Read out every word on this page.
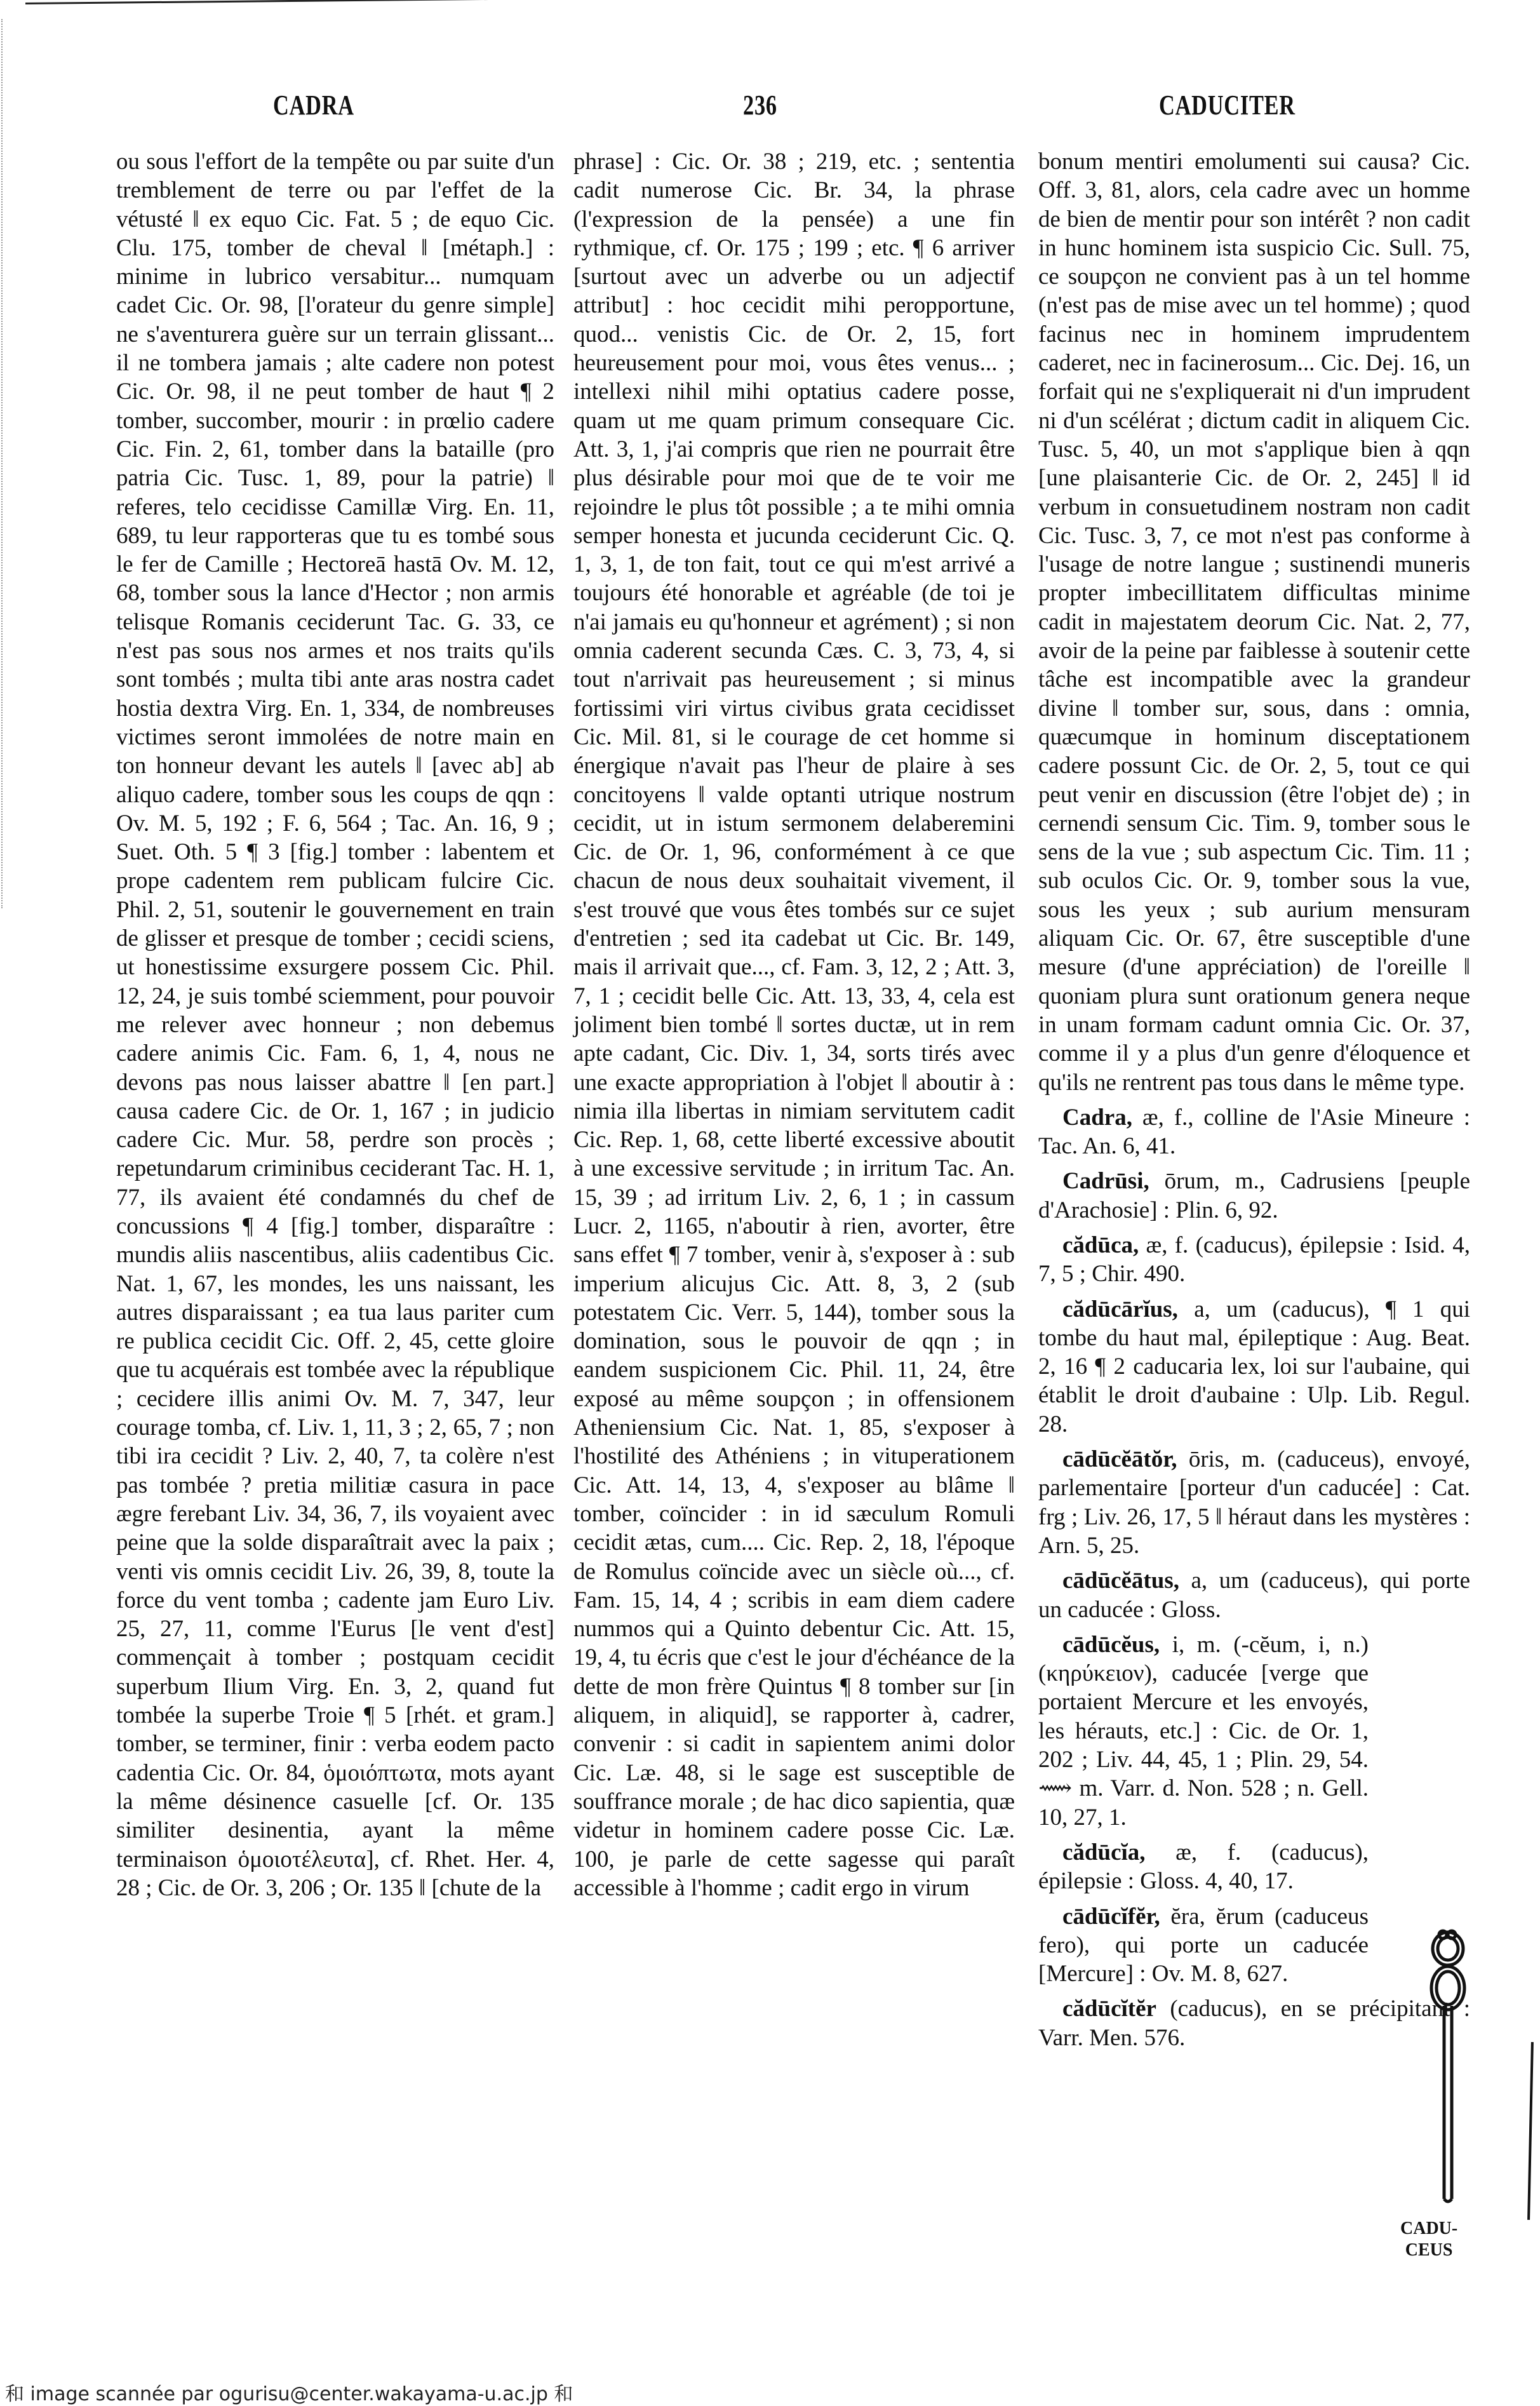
CADRA	236	CADUCITER

ou sous l'effort de la tempête ou par suite d'un tremblement de terre ou par l'effet de la vétusté ‖ ex equo Cic. Fat. 5 ; de equo Cic. Clu. 175, tomber de cheval ‖ [métaph.] : minime in lubrico versabitur... numquam cadet Cic. Or. 98, [l'orateur du genre simple] ne s'aventurera guère sur un terrain glissant... il ne tombera jamais ; alte cadere non potest Cic. Or. 98, il ne peut tomber de haut ¶ 2 tomber, succomber, mourir : in prœlio cadere Cic. Fin. 2, 61, tomber dans la bataille (pro patria Cic. Tusc. 1, 89, pour la patrie) ‖ referes, telo cecidisse Camillæ Virg. En. 11, 689, tu leur rapporteras que tu es tombé sous le fer de Camille ; Hectoreā hastā Ov. M. 12, 68, tomber sous la lance d'Hector ; non armis telisque Romanis ceciderunt Tac. G. 33, ce n'est pas sous nos armes et nos traits qu'ils sont tombés ; multa tibi ante aras nostra cadet hostia dextra Virg. En. 1, 334, de nombreuses victimes seront immolées de notre main en ton honneur devant les autels ‖ [avec ab] ab aliquo cadere, tomber sous les coups de qqn : Ov. M. 5, 192 ; F. 6, 564 ; Tac. An. 16, 9 ; Suet. Oth. 5 ¶ 3 [fig.] tomber : labentem et prope cadentem rem publicam fulcire Cic. Phil. 2, 51, soutenir le gouvernement en train de glisser et presque de tomber ; cecidi sciens, ut honestissime exsurgere possem Cic. Phil. 12, 24, je suis tombé sciemment, pour pouvoir me relever avec honneur ; non debemus cadere animis Cic. Fam. 6, 1, 4, nous ne devons pas nous laisser abattre ‖ [en part.] causa cadere Cic. de Or. 1, 167 ; in judicio cadere Cic. Mur. 58, perdre son procès ; repetundarum criminibus ceciderant Tac. H. 1, 77, ils avaient été condamnés du chef de concussions ¶ 4 [fig.] tomber, disparaître : mundis aliis nascentibus, aliis cadentibus Cic. Nat. 1, 67, les mondes, les uns naissant, les autres disparaissant ; ea tua laus pariter cum re publica cecidit Cic. Off. 2, 45, cette gloire que tu acquérais est tombée avec la république ; cecidere illis animi Ov. M. 7, 347, leur courage tomba, cf. Liv. 1, 11, 3 ; 2, 65, 7 ; non tibi ira cecidit ? Liv. 2, 40, 7, ta colère n'est pas tombée ? pretia militiæ casura in pace ægre ferebant Liv. 34, 36, 7, ils voyaient avec peine que la solde disparaîtrait avec la paix ; venti vis omnis cecidit Liv. 26, 39, 8, toute la force du vent tomba ; cadente jam Euro Liv. 25, 27, 11, comme l'Eurus [le vent d'est] commençait à tomber ; postquam cecidit superbum Ilium Virg. En. 3, 2, quand fut tombée la superbe Troie ¶ 5 [rhét. et gram.] tomber, se terminer, finir : verba eodem pacto cadentia Cic. Or. 84, ὁμοιόπτωτα, mots ayant la même désinence casuelle [cf. Or. 135 similiter desinentia, ayant la même terminaison ὁμοιοτέλευτα], cf. Rhet. Her. 4, 28 ; Cic. de Or. 3, 206 ; Or. 135 ‖ [chute de la

phrase] : Cic. Or. 38 ; 219, etc. ; sententia cadit numerose Cic. Br. 34, la phrase (l'expression de la pensée) a une fin rythmique, cf. Or. 175 ; 199 ; etc. ¶ 6 arriver [surtout avec un adverbe ou un adjectif attribut] : hoc cecidit mihi peropportune, quod... venistis Cic. de Or. 2, 15, fort heureusement pour moi, vous êtes venus... ; intellexi nihil mihi optatius cadere posse, quam ut me quam primum consequare Cic. Att. 3, 1, j'ai compris que rien ne pourrait être plus désirable pour moi que de te voir me rejoindre le plus tôt possible ; a te mihi omnia semper honesta et jucunda ceciderunt Cic. Q. 1, 3, 1, de ton fait, tout ce qui m'est arrivé a toujours été honorable et agréable (de toi je n'ai jamais eu qu'honneur et agrément) ; si non omnia caderent secunda Cæs. C. 3, 73, 4, si tout n'arrivait pas heureusement ; si minus fortissimi viri virtus civibus grata cecidisset Cic. Mil. 81, si le courage de cet homme si énergique n'avait pas l'heur de plaire à ses concitoyens ‖ valde optanti utrique nostrum cecidit, ut in istum sermonem delaberemini Cic. de Or. 1, 96, conformément à ce que chacun de nous deux souhaitait vivement, il s'est trouvé que vous êtes tombés sur ce sujet d'entretien ; sed ita cadebat ut Cic. Br. 149, mais il arrivait que..., cf. Fam. 3, 12, 2 ; Att. 3, 7, 1 ; cecidit belle Cic. Att. 13, 33, 4, cela est joliment bien tombé ‖ sortes ductæ, ut in rem apte cadant, Cic. Div. 1, 34, sorts tirés avec une exacte appropriation à l'objet ‖ aboutir à : nimia illa libertas in nimiam servitutem cadit Cic. Rep. 1, 68, cette liberté excessive aboutit à une excessive servitude ; in irritum Tac. An. 15, 39 ; ad irritum Liv. 2, 6, 1 ; in cassum Lucr. 2, 1165, n'aboutir à rien, avorter, être sans effet ¶ 7 tomber, venir à, s'exposer à : sub imperium alicujus Cic. Att. 8, 3, 2 (sub potestatem Cic. Verr. 5, 144), tomber sous la domination, sous le pouvoir de qqn ; in eandem suspicionem Cic. Phil. 11, 24, être exposé au même soupçon ; in offensionem Atheniensium Cic. Nat. 1, 85, s'exposer à l'hostilité des Athéniens ; in vituperationem Cic. Att. 14, 13, 4, s'exposer au blâme ‖ tomber, coïncider : in id sæculum Romuli cecidit ætas, cum.... Cic. Rep. 2, 18, l'époque de Romulus coïncide avec un siècle où..., cf. Fam. 15, 14, 4 ; scribis in eam diem cadere nummos qui a Quinto debentur Cic. Att. 15, 19, 4, tu écris que c'est le jour d'échéance de la dette de mon frère Quintus ¶ 8 tomber sur [in aliquem, in aliquid], se rapporter à, cadrer, convenir : si cadit in sapientem animi dolor Cic. Læ. 48, si le sage est susceptible de souffrance morale ; de hac dico sapientia, quæ videtur in hominem cadere posse Cic. Læ. 100, je parle de cette sagesse qui paraît accessible à l'homme ; cadit ergo in virum

bonum mentiri emolumenti sui causa? Cic. Off. 3, 81, alors, cela cadre avec un homme de bien de mentir pour son intérêt ? non cadit in hunc hominem ista suspicio Cic. Sull. 75, ce soupçon ne convient pas à un tel homme (n'est pas de mise avec un tel homme) ; quod facinus nec in hominem imprudentem caderet, nec in facinerosum... Cic. Dej. 16, un forfait qui ne s'expliquerait ni d'un imprudent ni d'un scélérat ; dictum cadit in aliquem Cic. Tusc. 5, 40, un mot s'applique bien à qqn [une plaisanterie Cic. de Or. 2, 245] ‖ id verbum in consuetudinem nostram non cadit Cic. Tusc. 3, 7, ce mot n'est pas conforme à l'usage de notre langue ; sustinendi muneris propter imbecillitatem difficultas minime cadit in majestatem deorum Cic. Nat. 2, 77, avoir de la peine par faiblesse à soutenir cette tâche est incompatible avec la grandeur divine ‖ tomber sur, sous, dans : omnia, quæcumque in hominum disceptationem cadere possunt Cic. de Or. 2, 5, tout ce qui peut venir en discussion (être l'objet de) ; in cernendi sensum Cic. Tim. 9, tomber sous le sens de la vue ; sub aspectum Cic. Tim. 11 ; sub oculos Cic. Or. 9, tomber sous la vue, sous les yeux ; sub aurium mensuram aliquam Cic. Or. 67, être susceptible d'une mesure (d'une appréciation) de l'oreille ‖ quoniam plura sunt orationum genera neque in unam formam cadunt omnia Cic. Or. 37, comme il y a plus d'un genre d'éloquence et qu'ils ne rentrent pas tous dans le même type.

Cadra, æ, f., colline de l'Asie Mineure : Tac. An. 6, 41.

Cadrūsi, ōrum, m., Cadrusiens [peuple d'Arachosie] : Plin. 6, 92.

cădūca, æ, f. (caducus), épilepsie : Isid. 4, 7, 5 ; Chir. 490.

cădūcārĭus, a, um (caducus), ¶ 1 qui tombe du haut mal, épileptique : Aug. Beat. 2, 16 ¶ 2 caducaria lex, loi sur l'aubaine, qui établit le droit d'aubaine : Ulp. Lib. Regul. 28.

cādūcĕātŏr, ōris, m. (caduceus), envoyé, parlementaire [porteur d'un caducée] : Cat. frg ; Liv. 26, 17, 5 ‖ héraut dans les mystères : Arn. 5, 25.

cādūcĕātus, a, um (caduceus), qui porte un caducée : Gloss.

cādūcĕus, i, m. (-cĕum, i, n.) (κηρύκειον), caducée [verge que portaient Mercure et les envoyés, les hérauts, etc.] : Cic. de Or. 1, 202 ; Liv. 44, 45, 1 ; Plin. 29, 54. ⟿ m. Varr. d. Non. 528 ; n. Gell. 10, 27, 1.

cădūcĭa, æ, f. (caducus), épilepsie : Gloss. 4, 40, 17.

cādūcĭfĕr, ĕra, ĕrum (caduceus fero), qui porte un caducée [Mercure] : Ov. M. 8, 627.

cădūcĭtĕr (caducus), en se précipitant : Varr. Men. 576.

CADU-
CEUS
和 image scannée par ogurisu@center.wakayama-u.ac.jp 和
